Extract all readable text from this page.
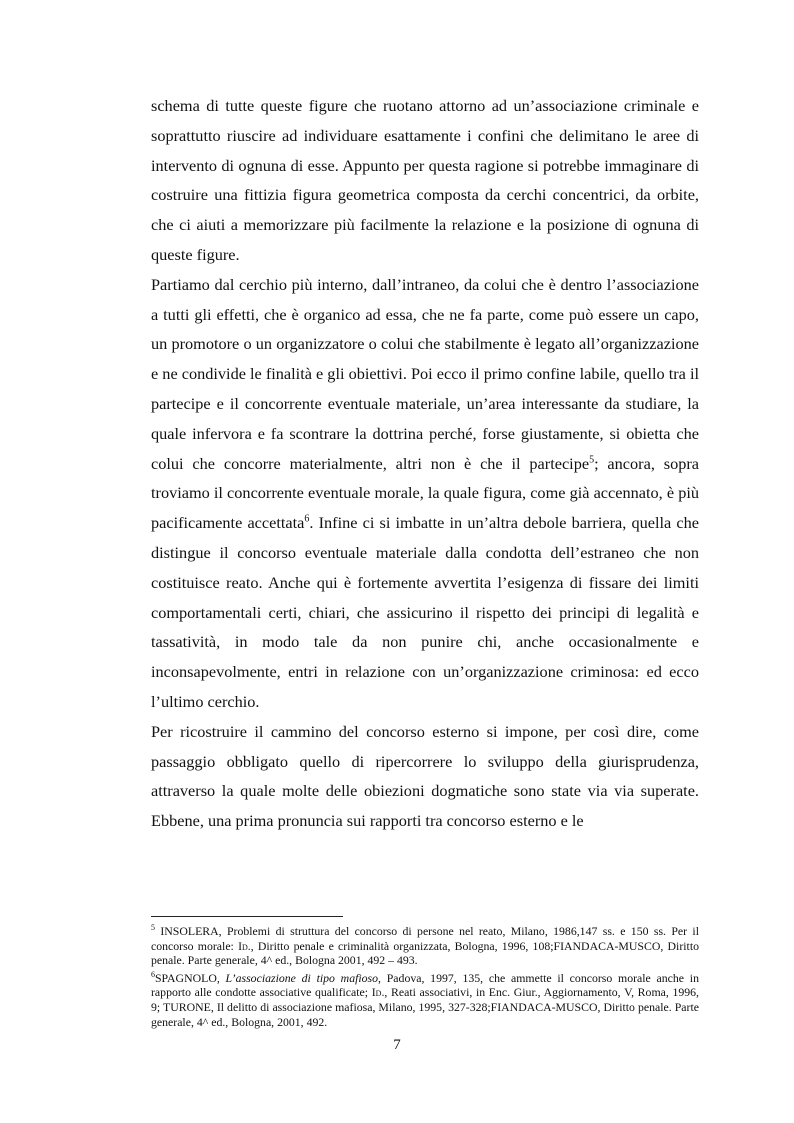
schema di tutte queste figure che ruotano attorno ad un’associazione criminale e soprattutto riuscire ad individuare esattamente i confini che delimitano le aree di intervento di ognuna di esse. Appunto per questa ragione si potrebbe immaginare di costruire una fittizia figura geometrica composta da cerchi concentrici, da orbite, che ci aiuti a memorizzare più facilmente la relazione e la posizione di ognuna di queste figure.

Partiamo dal cerchio più interno, dall’intraneo, da colui che è dentro l’associazione a tutti gli effetti, che è organico ad essa, che ne fa parte, come può essere un capo, un promotore o un organizzatore o colui che stabilmente è legato all’organizzazione e ne condivide le finalità e gli obiettivi. Poi ecco il primo confine labile, quello tra il partecipe e il concorrente eventuale materiale, un’area interessante da studiare, la quale infervora e fa scontrare la dottrina perché, forse giustamente, si obietta che colui che concorre materialmente, altri non è che il partecipe$^5$; ancora, sopra troviamo il concorrente eventuale morale, la quale figura, come già accennato, è più pacificamente accettata$^6$. Infine ci si imbatte in un’altra debole barriera, quella che distingue il concorso eventuale materiale dalla condotta dell’estraneo che non costituisce reato. Anche qui è fortemente avvertita l’esigenza di fissare dei limiti comportamentali certi, chiari, che assicurino il rispetto dei principi di legalità e tassatività, in modo tale da non punire chi, anche occasionalmente e inconsapevolmente, entri in relazione con un’organizzazione criminosa: ed ecco l’ultimo cerchio.

Per ricostruire il cammino del concorso esterno si impone, per così dire, come passaggio obbligato quello di ripercorrere lo sviluppo della giurisprudenza, attraverso la quale molte delle obiezioni dogmatiche sono state via via superate. Ebbene, una prima pronuncia sui rapporti tra concorso esterno e le

$^5$ INSOLERA, Problemi di struttura del concorso di persone nel reato, Milano, 1986,147 ss. e 150 ss. Per il concorso morale: Id., Diritto penale e criminalità organizzata, Bologna, 1996, 108;FIANDACA-MUSCO, Diritto penale. Parte generale, 4^ ed., Bologna 2001, 492 – 493.

$^6$SPAGNOLO, L’associazione di tipo mafioso, Padova, 1997, 135, che ammette il concorso morale anche in rapporto alle condotte associative qualificate; Id., Reati associativi, in Enc. Giur., Aggiornamento, V, Roma, 1996, 9; TURONE, Il delitto di associazione mafiosa, Milano, 1995, 327-328;FIANDACA-MUSCO, Diritto penale. Parte generale, 4^ ed., Bologna, 2001, 492.

7
